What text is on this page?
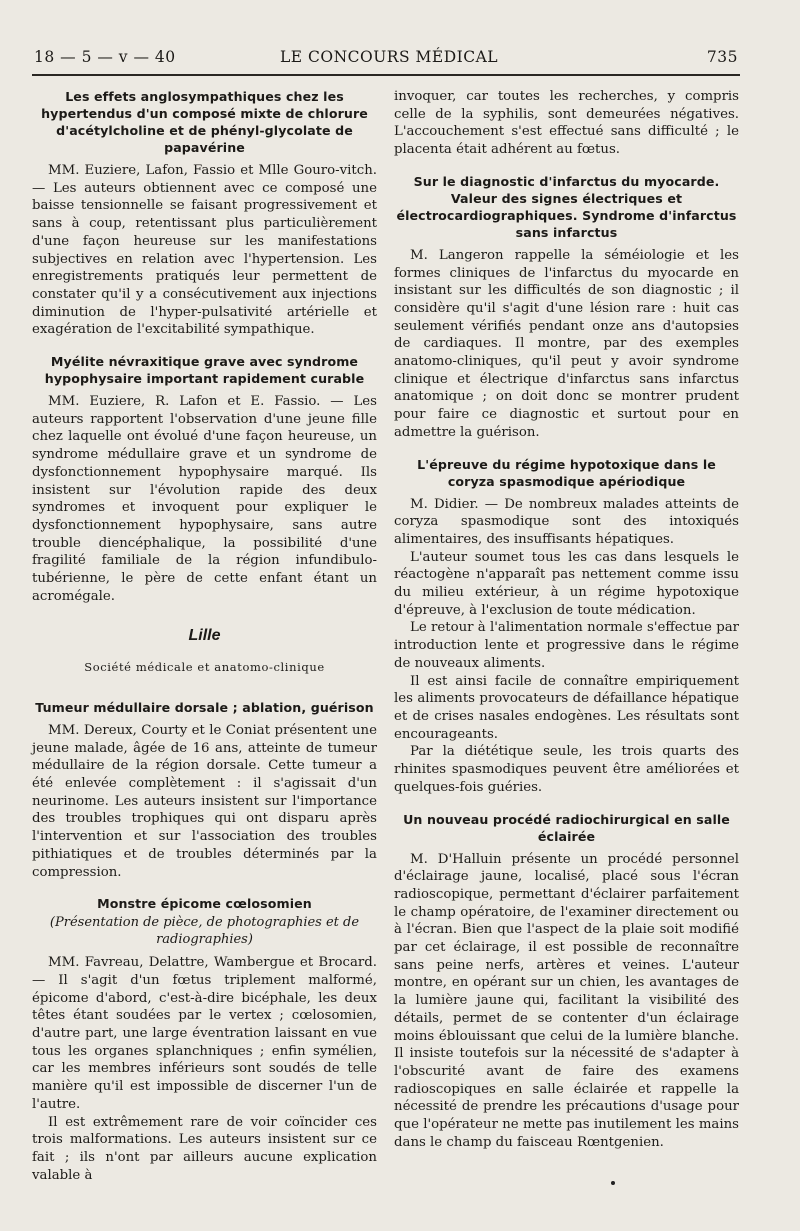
18 — 5 — v — 40	LE CONCOURS MÉDICAL	735
Les effets anglosympathiques chez les hypertendus d'un composé mixte de chlorure d'acétylcholine et de phényl-glycolate de papavérine

MM. Euziere, Lafon, Fassio et Mlle Gouro-vitch. — Les auteurs obtiennent avec ce composé une baisse tensionnelle se faisant progressivement et sans à coup, retentissant plus particulièrement d'une façon heureuse sur les manifestations subjectives en relation avec l'hypertension. Les enregistrements pratiqués leur permettent de constater qu'il y a consécutivement aux injections diminution de l'hyper-pulsativité artérielle et exagération de l'excitabilité sympathique.

Myélite névraxitique grave avec syndrome hypophysaire important rapidement curable

MM. Euziere, R. Lafon et E. Fassio. — Les auteurs rapportent l'observation d'une jeune fille chez laquelle ont évolué d'une façon heureuse, un syndrome médullaire grave et un syndrome de dysfonctionnement hypophysaire marqué. Ils insistent sur l'évolution rapide des deux syndromes et invoquent pour expliquer le dysfonctionnement hypophysaire, sans autre trouble diencéphalique, la possibilité d'une fragilité familiale de la région infundibulo-tubérienne, le père de cette enfant étant un acromégale.

Lille
Société médicale et anatomo-clinique
Tumeur médullaire dorsale ; ablation, guérison

MM. Dereux, Courty et le Coniat présentent une jeune malade, âgée de 16 ans, atteinte de tumeur médullaire de la région dorsale. Cette tumeur a été enlevée complètement : il s'agissait d'un neurinome. Les auteurs insistent sur l'importance des troubles trophiques qui ont disparu après l'intervention et sur l'association des troubles pithiatiques et de troubles déterminés par la compression.

Monstre épicome cœlosomien
(Présentation de pièce, de photographies et de radiographies)

MM. Favreau, Delattre, Wambergue et Brocard. — Il s'agit d'un fœtus triplement malformé, épicome d'abord, c'est-à-dire bicéphale, les deux têtes étant soudées par le vertex ; cœlosomien, d'autre part, une large éventration laissant en vue tous les organes splanchniques ; enfin symélien, car les membres inférieurs sont soudés de telle manière qu'il est impossible de discerner l'un de l'autre.

Il est extrêmement rare de voir coïncider ces trois malformations. Les auteurs insistent sur ce fait ; ils n'ont par ailleurs aucune explication valable à

invoquer, car toutes les recherches, y compris celle de la syphilis, sont demeurées négatives. L'accouchement s'est effectué sans difficulté ; le placenta était adhérent au fœtus.

Sur le diagnostic d'infarctus du myocarde. Valeur des signes électriques et électrocardiographiques. Syndrome d'infarctus sans infarctus

M. Langeron rappelle la séméiologie et les formes cliniques de l'infarctus du myocarde en insistant sur les difficultés de son diagnostic ; il considère qu'il s'agit d'une lésion rare : huit cas seulement vérifiés pendant onze ans d'autopsies de cardiaques. Il montre, par des exemples anatomo-cliniques, qu'il peut y avoir syndrome clinique et électrique d'infarctus sans infarctus anatomique ; on doit donc se montrer prudent pour faire ce diagnostic et surtout pour en admettre la guérison.

L'épreuve du régime hypotoxique dans le coryza spasmodique apériodique

M. Didier. — De nombreux malades atteints de coryza spasmodique sont des intoxiqués alimentaires, des insuffisants hépatiques.

L'auteur soumet tous les cas dans lesquels le réactogène n'apparaît pas nettement comme issu du milieu extérieur, à un régime hypotoxique d'épreuve, à l'exclusion de toute médication.

Le retour à l'alimentation normale s'effectue par introduction lente et progressive dans le régime de nouveaux aliments.

Il est ainsi facile de connaître empiriquement les aliments provocateurs de défaillance hépatique et de crises nasales endogènes. Les résultats sont encourageants.

Par la diététique seule, les trois quarts des rhinites spasmodiques peuvent être améliorées et quelques-fois guéries.

Un nouveau procédé radiochirurgical en salle éclairée

M. D'Halluin présente un procédé personnel d'éclairage jaune, localisé, placé sous l'écran radioscopique, permettant d'éclairer parfaitement le champ opératoire, de l'examiner directement ou à l'écran. Bien que l'aspect de la plaie soit modifié par cet éclairage, il est possible de reconnaître sans peine nerfs, artères et veines. L'auteur montre, en opérant sur un chien, les avantages de la lumière jaune qui, facilitant la visibilité des détails, permet de se contenter d'un éclairage moins éblouissant que celui de la lumière blanche. Il insiste toutefois sur la nécessité de s'adapter à l'obscurité avant de faire des examens radioscopiques en salle éclairée et rappelle la nécessité de prendre les précautions d'usage pour que l'opérateur ne mette pas inutilement les mains dans le champ du faisceau Rœntgenien.
